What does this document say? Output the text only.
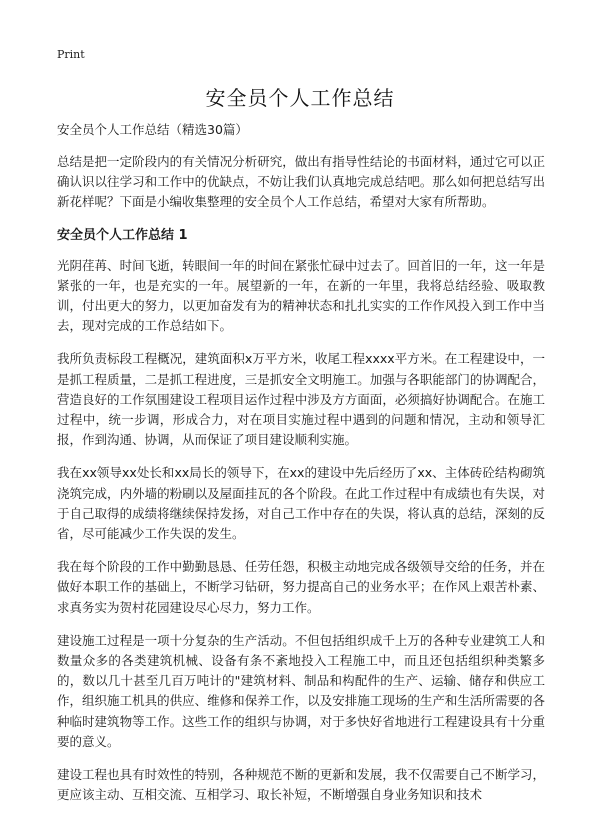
Print
安全员个人工作总结

安全员个人工作总结（精选30篇）

总结是把一定阶段内的有关情况分析研究，做出有指导性结论的书面材料，通过它可以正确认识以往学习和工作中的优缺点，不妨让我们认真地完成总结吧。那么如何把总结写出新花样呢？下面是小编收集整理的安全员个人工作总结，希望对大家有所帮助。

安全员个人工作总结 1

光阴荏苒、时间飞逝，转眼间一年的时间在紧张忙碌中过去了。回首旧的一年，这一年是紧张的一年，也是充实的一年。展望新的一年，在新的一年里，我将总结经验、吸取教训，付出更大的努力，以更加奋发有为的精神状态和扎扎实实的工作作风投入到工作中当去，现对完成的工作总结如下。

我所负责标段工程概况，建筑面积x万平方米，收尾工程xxxx平方米。在工程建设中，一是抓工程质量，二是抓工程进度，三是抓安全文明施工。加强与各职能部门的协调配合，营造良好的工作氛围建设工程项目运作过程中涉及方方面面，必须搞好协调配合。在施工过程中，统一步调，形成合力，对在项目实施过程中遇到的问题和情况，主动和领导汇报，作到沟通、协调，从而保证了项目建设顺利实施。

我在xx领导xx处长和xx局长的领导下，在xx的建设中先后经历了xx、主体砖砼结构砌筑浇筑完成，内外墙的粉刷以及屋面挂瓦的各个阶段。在此工作过程中有成绩也有失误，对于自己取得的成绩将继续保持发扬，对自己工作中存在的失误，将认真的总结，深刻的反省，尽可能减少工作失误的发生。

我在每个阶段的工作中勤勤恳恳、任劳任怨，积极主动地完成各级领导交给的任务，并在做好本职工作的基础上，不断学习钻研，努力提高自己的业务水平；在作风上艰苦朴素、求真务实为贺村花园建设尽心尽力，努力工作。

建设施工过程是一项十分复杂的生产活动。不但包括组织成千上万的各种专业建筑工人和数量众多的各类建筑机械、设备有条不紊地投入工程施工中，而且还包括组织种类繁多的，数以几十甚至几百万吨计的"建筑材料、制品和构配件的生产、运输、储存和供应工作，组织施工机具的供应、维修和保养工作，以及安排施工现场的生产和生活所需要的各种临时建筑物等工作。这些工作的组织与协调，对于多快好省地进行工程建设具有十分重要的意义。

建设工程也具有时效性的特别，各种规范不断的更新和发展，我不仅需要自己不断学习，更应该主动、互相交流、互相学习、取长补短，不断增强自身业务知识和技术
